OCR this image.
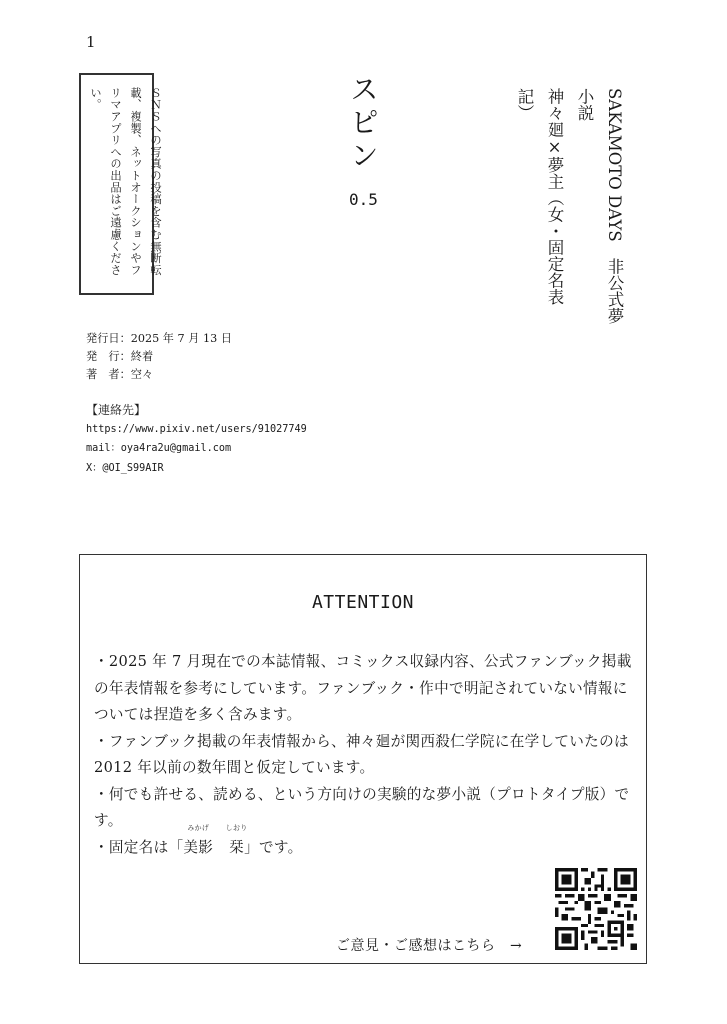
1
ＳＮＳへの写真の投稿を含む無断転載、複製、ネットオークションやフリマアプリへの出品はご遠慮ください。	スピン
0.5	SAKAMOTO DAYS　非公式夢小説
神々廻×夢主（女・固定名表記）
発行日：2025 年 7 月 13 日
発　行：終着
著　者：空々
【連絡先】
https://www.pixiv.net/users/91027749
mail：oya4ra2u@gmail.com
X：@OI_S99AIR
ATTENTION

・2025 年 7 月現在での本誌情報、コミックス収録内容、公式ファンブック掲載の年表情報を参考にしています。ファンブック・作中で明記されていない情報については捏造を多く含みます。

・ファンブック掲載の年表情報から、神々廻が関西殺仁学院に在学していたのは 2012 年以前の数年間と仮定しています。

・何でも許せる、読める、という方向けの実験的な夢小説（プロトタイプ版）です。

・固定名は「
みかげ
美影
しおり
栞」です。

ご意見・ご感想はこちら　→
